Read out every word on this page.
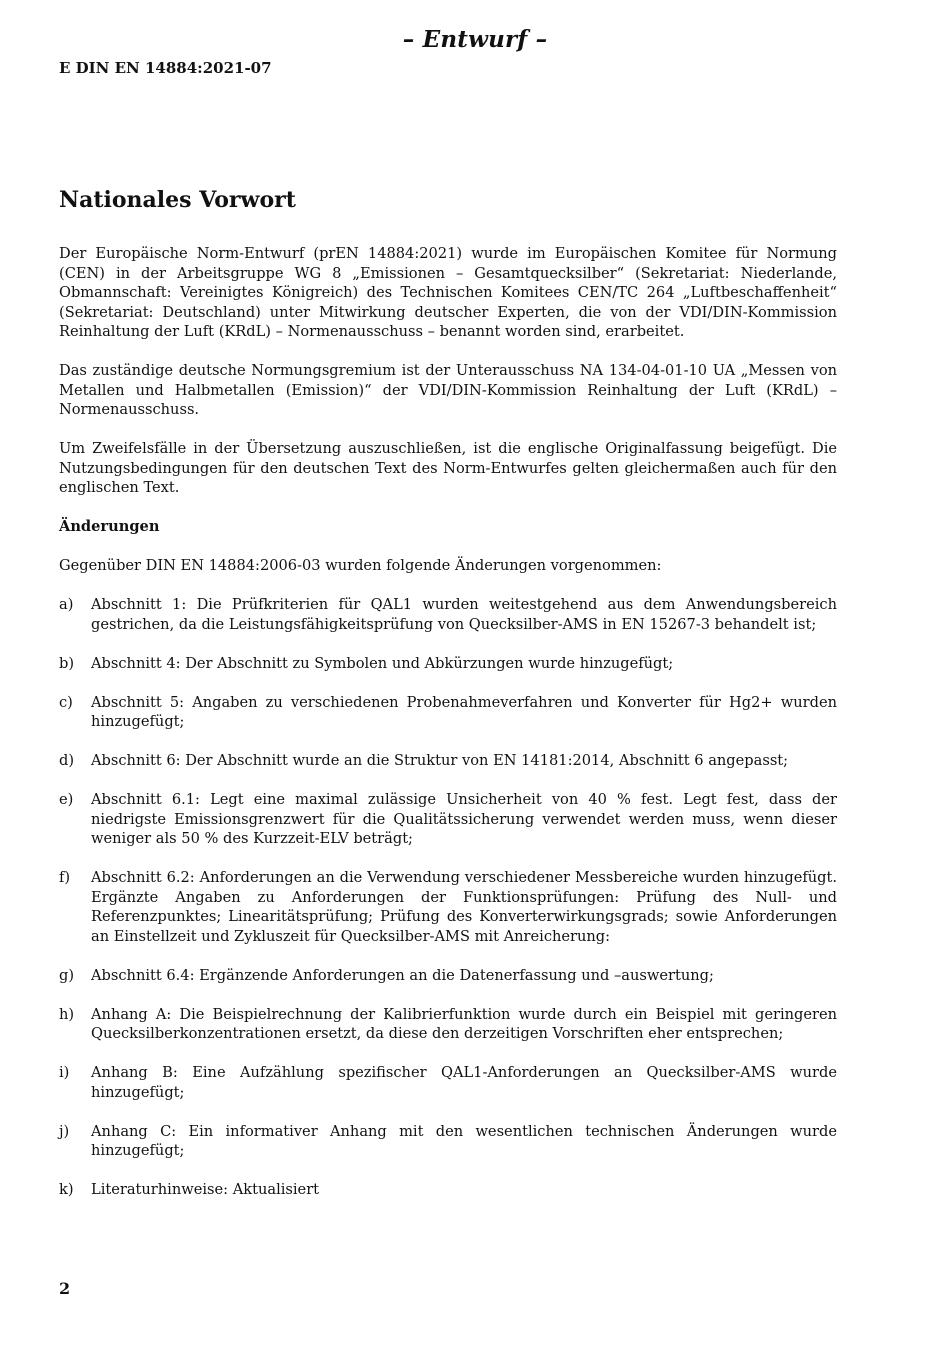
– Entwurf –
E DIN EN 14884:2021-07
Nationales Vorwort

Der Europäische Norm-Entwurf (prEN 14884:2021) wurde im Europäischen Komitee für Normung (CEN) in der Arbeitsgruppe WG 8 „Emissionen – Gesamtquecksilber“ (Sekretariat: Niederlande, Obmannschaft: Vereinigtes Königreich) des Technischen Komitees CEN/TC 264 „Luftbeschaffenheit“ (Sekretariat: Deutschland) unter Mitwirkung deutscher Experten, die von der VDI/DIN-Kommission Reinhaltung der Luft (KRdL) – Normenausschuss – benannt worden sind, erarbeitet.

Das zuständige deutsche Normungsgremium ist der Unterausschuss NA 134-04-01-10 UA „Messen von Metallen und Halbmetallen (Emission)“ der VDI/DIN-Kommission Reinhaltung der Luft (KRdL) – Normenausschuss.

Um Zweifelsfälle in der Übersetzung auszuschließen, ist die englische Originalfassung beigefügt. Die Nutzungsbedingungen für den deutschen Text des Norm-Entwurfes gelten gleichermaßen auch für den englischen Text.

Änderungen

Gegenüber DIN EN 14884:2006-03 wurden folgende Änderungen vorgenommen:

a)	Abschnitt 1: Die Prüfkriterien für QAL1 wurden weitestgehend aus dem Anwendungsbereich gestrichen, da die Leistungsfähigkeitsprüfung von Quecksilber-AMS in EN 15267-3 behandelt ist;
b)	Abschnitt 4: Der Abschnitt zu Symbolen und Abkürzungen wurde hinzugefügt;
c)	Abschnitt 5: Angaben zu verschiedenen Probenahmeverfahren und Konverter für Hg2+ wurden hinzugefügt;
d)	Abschnitt 6: Der Abschnitt wurde an die Struktur von EN 14181:2014, Abschnitt 6 angepasst;
e)	Abschnitt 6.1: Legt eine maximal zulässige Unsicherheit von 40 % fest. Legt fest, dass der niedrigste Emissionsgrenzwert für die Qualitätssicherung verwendet werden muss, wenn dieser weniger als 50 % des Kurzzeit-ELV beträgt;
f)	Abschnitt 6.2: Anforderungen an die Verwendung verschiedener Messbereiche wurden hinzugefügt. Ergänzte Angaben zu Anforderungen der Funktionsprüfungen: Prüfung des Null- und Referenzpunktes; Linearitätsprüfung; Prüfung des Konverterwirkungsgrads; sowie Anforderungen an Einstellzeit und Zykluszeit für Quecksilber-AMS mit Anreicherung:
g)	Abschnitt 6.4: Ergänzende Anforderungen an die Datenerfassung und –auswertung;
h)	Anhang A: Die Beispielrechnung der Kalibrierfunktion wurde durch ein Beispiel mit geringeren Quecksilberkonzentrationen ersetzt, da diese den derzeitigen Vorschriften eher entsprechen;
i)	Anhang B: Eine Aufzählung spezifischer QAL1-Anforderungen an Quecksilber-AMS wurde hinzugefügt;
j)	Anhang C: Ein informativer Anhang mit den wesentlichen technischen Änderungen wurde hinzugefügt;
k)	Literaturhinweise: Aktualisiert
2
